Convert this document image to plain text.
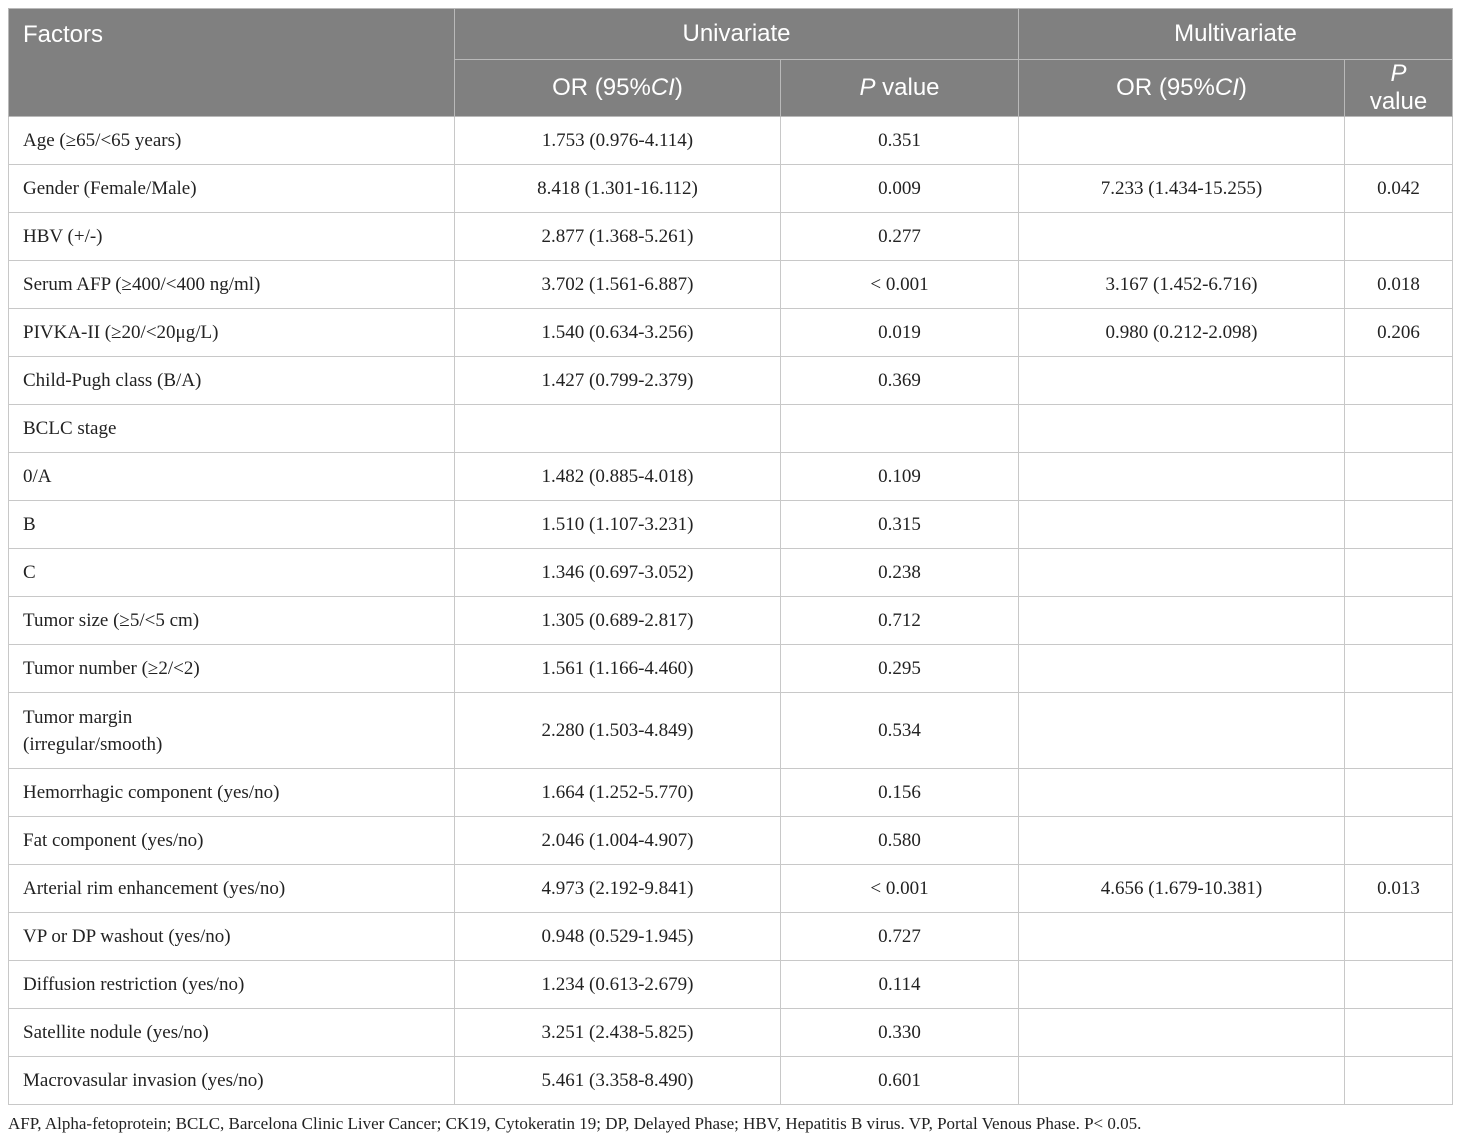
Factors	Univariate		Multivariate	
	OR (95%CI)	P value	OR (95%CI)	P value
Age (≥65/<65 years)	1.753 (0.976-4.114)	0.351		
Gender (Female/Male)	8.418 (1.301-16.112)	0.009	7.233 (1.434-15.255)	0.042
HBV (+/-)	2.877 (1.368-5.261)	0.277		
Serum AFP (≥400/<400 ng/ml)	3.702 (1.561-6.887)	< 0.001	3.167 (1.452-6.716)	0.018
PIVKA-II (≥20/<20μg/L)	1.540 (0.634-3.256)	0.019	0.980 (0.212-2.098)	0.206
Child-Pugh class (B/A)	1.427 (0.799-2.379)	0.369		
BCLC stage				
0/A	1.482 (0.885-4.018)	0.109		
B	1.510 (1.107-3.231)	0.315		
C	1.346 (0.697-3.052)	0.238		
Tumor size (≥5/<5 cm)	1.305 (0.689-2.817)	0.712		
Tumor number (≥2/<2)	1.561 (1.166-4.460)	0.295		
Tumor margin
(irregular/smooth)	2.280 (1.503-4.849)	0.534		
Hemorrhagic component (yes/no)	1.664 (1.252-5.770)	0.156		
Fat component (yes/no)	2.046 (1.004-4.907)	0.580		
Arterial rim enhancement (yes/no)	4.973 (2.192-9.841)	< 0.001	4.656 (1.679-10.381)	0.013
VP or DP washout (yes/no)	0.948 (0.529-1.945)	0.727		
Diffusion restriction (yes/no)	1.234 (0.613-2.679)	0.114		
Satellite nodule (yes/no)	3.251 (2.438-5.825)	0.330		
Macrovasular invasion (yes/no)	5.461 (3.358-8.490)	0.601		
AFP, Alpha-fetoprotein; BCLC, Barcelona Clinic Liver Cancer; CK19, Cytokeratin 19; DP, Delayed Phase; HBV, Hepatitis B virus. VP, Portal Venous Phase. P< 0.05.
